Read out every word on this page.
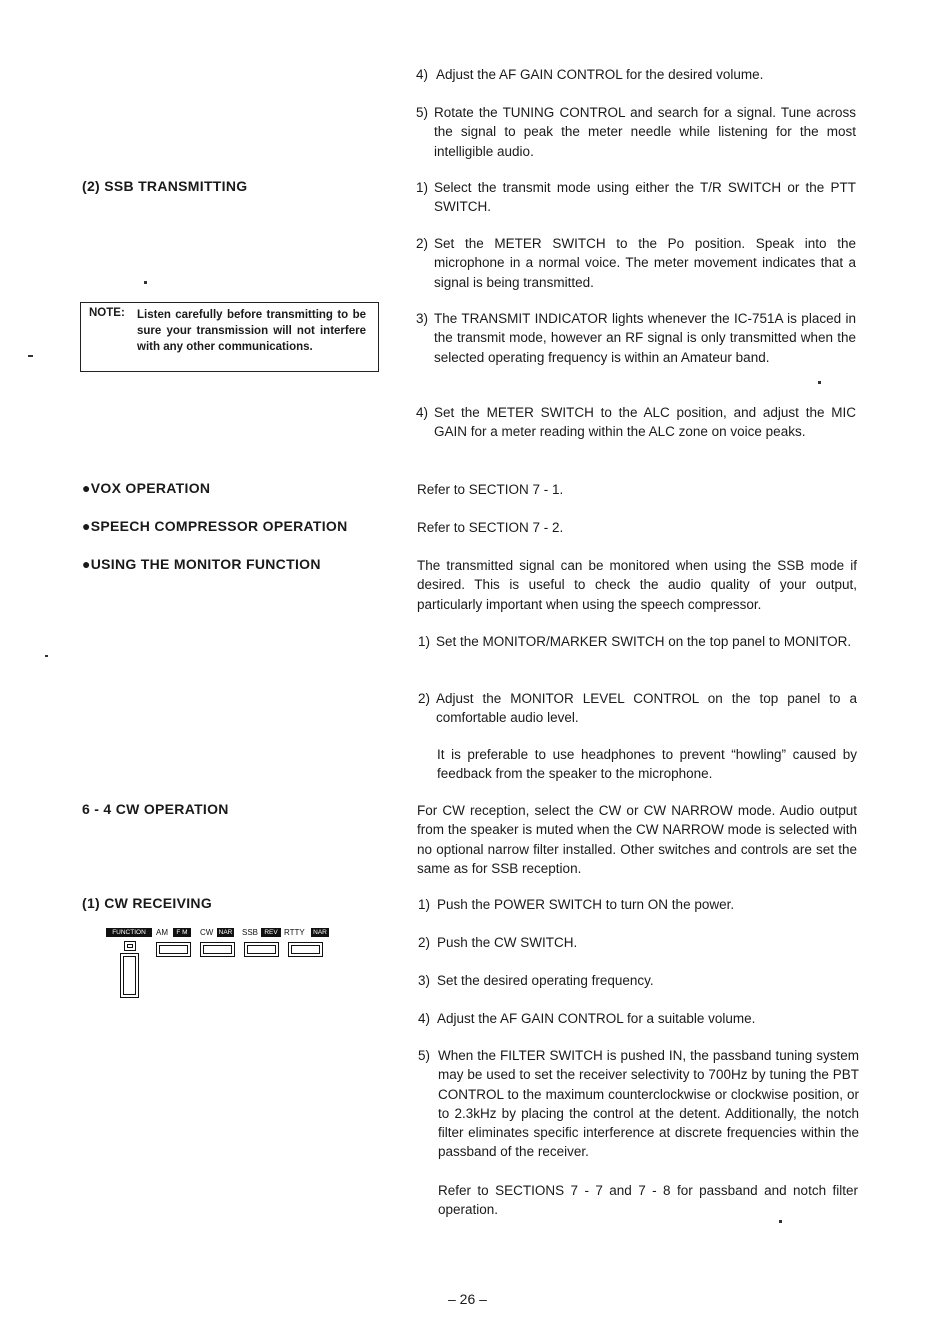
(2) SSB TRANSMITTING
NOTE: Listen carefully before transmitting to be sure your transmission will not interfere with any other communications.
●VOX OPERATION
●SPEECH COMPRESSOR OPERATION
●USING THE MONITOR FUNCTION
6 - 4 CW OPERATION
(1) CW RECEIVING
FUNCTION	AM	F M	CW NAR SSB REV RTTY	NAR
4) Adjust the AF GAIN CONTROL for the desired volume.
5) Rotate the TUNING CONTROL and search for a signal. Tune across the signal to peak the meter needle while listening for the most intelligible audio.
1) Select the transmit mode using either the T/R SWITCH or the PTT SWITCH.
2) Set the METER SWITCH to the Po position. Speak into the microphone in a normal voice. The meter movement indicates that a signal is being transmitted.
3) The TRANSMIT INDICATOR lights whenever the IC-751A is placed in the transmit mode, however an RF signal is only transmitted when the selected operating frequency is within an Amateur band.
4) Set the METER SWITCH to the ALC position, and adjust the MIC GAIN for a meter reading within the ALC zone on voice peaks.
Refer to SECTION 7 - 1.
Refer to SECTION 7 - 2.
The transmitted signal can be monitored when using the SSB mode if desired. This is useful to check the audio quality of your output, particularly important when using the speech compressor.
1) Set the MONITOR/MARKER SWITCH on the top panel to MONITOR.
2) Adjust the MONITOR LEVEL CONTROL on the top panel to a comfortable audio level.
It is preferable to use headphones to prevent “howling” caused by feedback from the speaker to the microphone.
For CW reception, select the CW or CW NARROW mode. Audio output from the speaker is muted when the CW NARROW mode is selected with no optional narrow filter installed. Other switches and controls are set the same as for SSB reception.
1) Push the POWER SWITCH to turn ON the power.
2) Push the CW SWITCH.
3) Set the desired operating frequency.
4) Adjust the AF GAIN CONTROL for a suitable volume.
5) When the FILTER SWITCH is pushed IN, the passband tuning system may be used to set the receiver selectivity to 700Hz by tuning the PBT CONTROL to the maximum counterclockwise or clockwise position, or to 2.3kHz by placing the control at the detent. Additionally, the notch filter eliminates specific interference at discrete frequencies within the passband of the receiver.
Refer to SECTIONS 7 - 7 and 7 - 8 for passband and notch filter operation.
– 26 –
